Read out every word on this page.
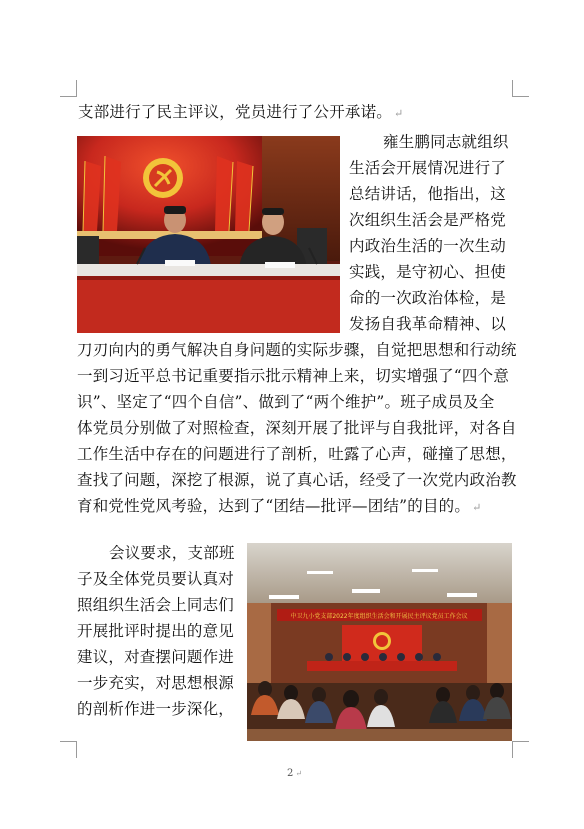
支部进行了民主评议，党员进行了公开承诺。 ↵
雍生鹏同志就组织
生活会开展情况进行了
总结讲话，他指出，这
次组织生活会是严格党
内政治生活的一次生动
实践，是守初心、担使
命的一次政治体检，是
发扬自我革命精神、以
刀刃向内的勇气解决自身问题的实际步骤，自觉把思想和行动统
一到习近平总书记重要指示批示精神上来，切实增强了“四个意
识”、坚定了“四个自信”、做到了“两个维护”。班子成员及全
体党员分别做了对照检查，深刻开展了批评与自我批评，对各自
工作生活中存在的问题进行了剖析，吐露了心声，碰撞了思想，
查找了问题，深挖了根源，说了真心话，经受了一次党内政治教
育和党性党风考验，达到了“团结—批评—团结”的目的。 ↵
会议要求，支部班
子及全体党员要认真对
照组织生活会上同志们
开展批评时提出的意见
建议，对查摆问题作进
一步充实，对思想根源
的剖析作进一步深化，
中卫九小党支部2022年度组织生活会和开展民主评议党员工作会议
2 ↵
